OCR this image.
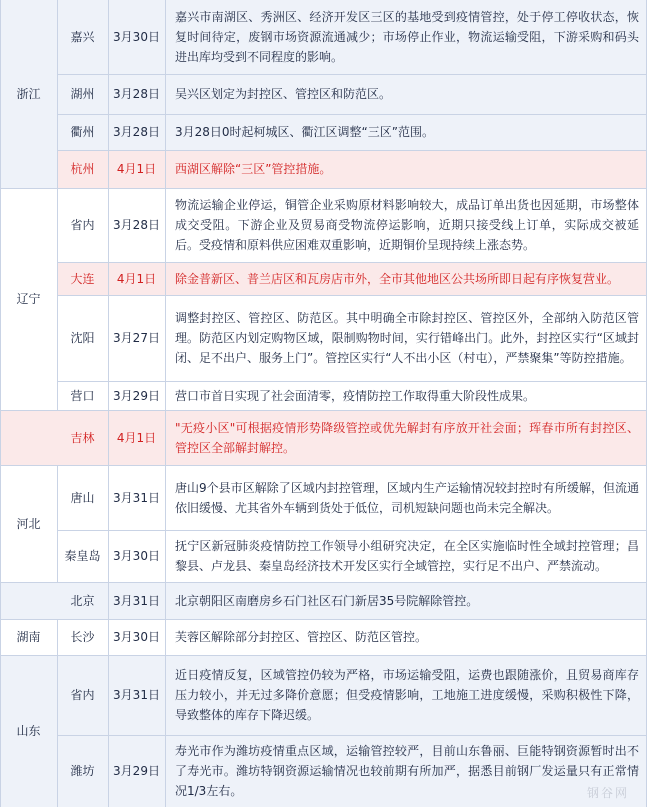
浙江
辽宁
吉林
河北
北京
湖南
山东
嘉兴 3月30日
嘉兴市南湖区、秀洲区、经济开发区三区的基地受到疫情管控，处于停工停收状态，恢复时间待定，废钢市场资源流通减少；市场停止作业，物流运输受阻，下游采购和码头进出库均受到不同程度的影响。
湖州 3月28日 吴兴区划定为封控区、管控区和防范区。
衢州 3月28日 3月28日0时起柯城区、衢江区调整“三区”范围。
杭州 4月1日 西湖区解除“三区”管控措施。
省内 3月28日
物流运输企业停运，铜管企业采购原材料影响较大，成品订单出货也因延期，市场整体成交受阻。下游企业及贸易商受物流停运影响，近期只接受线上订单，实际成交被延后。受疫情和原料供应困难双重影响，近期铜价呈现持续上涨态势。
大连 4月1日 除金普新区、普兰店区和瓦房店市外，全市其他地区公共场所即日起有序恢复营业。
沈阳 3月27日
调整封控区、管控区、防范区。其中明确全市除封控区、管控区外，全部纳入防范区管理。防范区内划定购物区域，限制购物时间，实行错峰出门。此外，封控区实行“区域封闭、足不出户、服务上门”。管控区实行“人不出小区（村屯），严禁聚集”等防控措施。
营口 3月29日 营口市首日实现了社会面清零，疫情防控工作取得重大阶段性成果。
4月1日
"无疫小区"可根据疫情形势降级管控或优先解封有序放开社会面；珲春市所有封控区、管控区全部解封解控。
唐山 3月31日
唐山9个县市区解除了区域内封控管理，区域内生产运输情况较封控时有所缓解，但流通依旧缓慢、尤其省外车辆到货处于低位，司机短缺问题也尚未完全解决。
秦皇岛 3月30日
抚宁区新冠肺炎疫情防控工作领导小组研究决定，在全区实施临时性全域封控管理；昌黎县、卢龙县、秦皇岛经济技术开发区实行全域管控，实行足不出户、严禁流动。
3月31日 北京朝阳区南磨房乡石门社区石门新居35号院解除管控。
长沙 3月30日 芙蓉区解除部分封控区、管控区、防范区管控。
省内 3月31日
近日疫情反复，区域管控仍较为严格，市场运输受阻，运费也跟随涨价，且贸易商库存压力较小，并无过多降价意愿；但受疫情影响，工地施工进度缓慢，采购积极性下降，导致整体的库存下降迟缓。
潍坊 3月29日
寿光市作为潍坊疫情重点区域，运输管控较严，目前山东鲁丽、巨能特钢资源暂时出不了寿光市。潍坊特钢资源运输情况也较前期有所加严，据悉目前钢厂发运量只有正常情况1/3左右。	钢谷网
